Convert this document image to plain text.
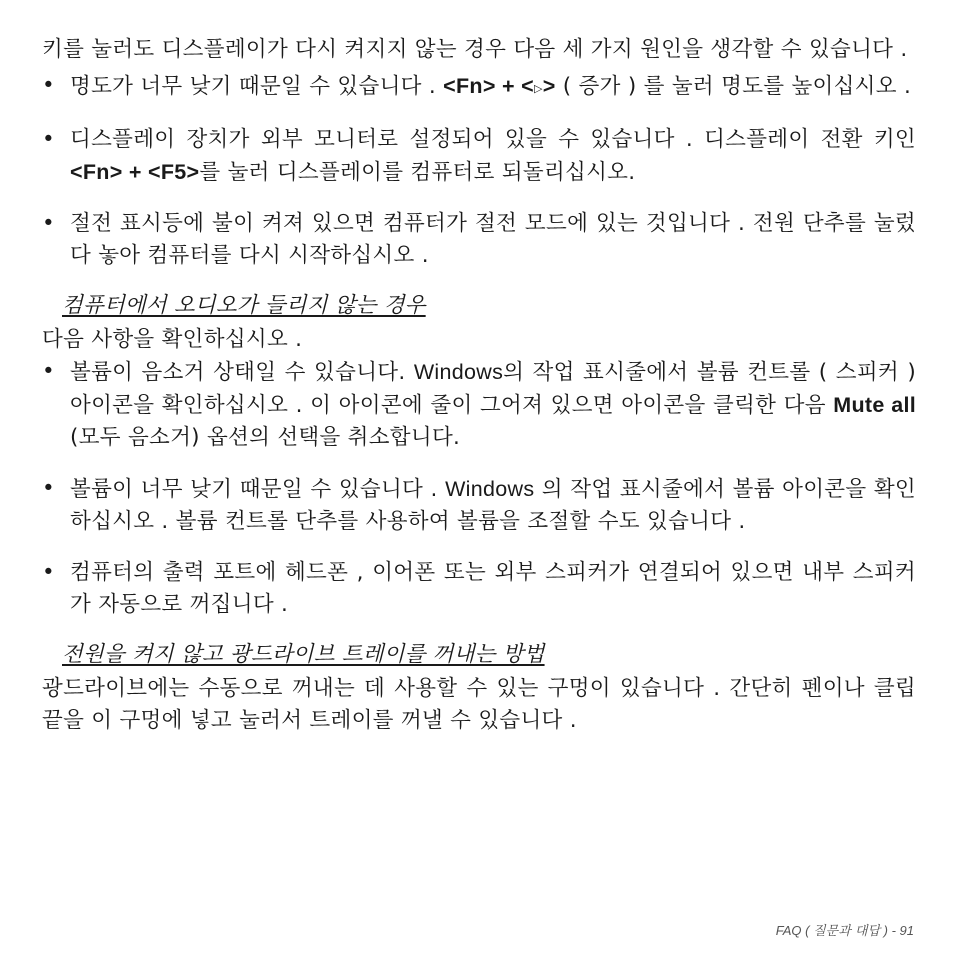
키를 눌러도 디스플레이가 다시 켜지지 않는 경우 다음 세 가지 원인을 생각할 수 있습니다 .

• 명도가 너무 낮기 때문일 수 있습니다 . <Fn> + <▷> ( 증가 ) 를 눌러 명도를 높이십시오 .
• 디스플레이 장치가 외부 모니터로 설정되어 있을 수 있습니다 . 디스플레이 전환 키인 <Fn> + <F5>를 눌러 디스플레이를 컴퓨터로 되돌리십시오.
• 절전 표시등에 불이 켜져 있으면 컴퓨터가 절전 모드에 있는 것입니다 . 전원 단추를 눌렀다 놓아 컴퓨터를 다시 시작하십시오 .
컴퓨터에서 오디오가 들리지 않는 경우

다음 사항을 확인하십시오 .

• 볼륨이 음소거 상태일 수 있습니다. Windows의 작업 표시줄에서 볼륨 컨트롤 ( 스피커 ) 아이콘을 확인하십시오 . 이 아이콘에 줄이 그어져 있으면 아이콘을 클릭한 다음 Mute all (모두 음소거) 옵션의 선택을 취소합니다.
• 볼륨이 너무 낮기 때문일 수 있습니다 . Windows 의 작업 표시줄에서 볼륨 아이콘을 확인하십시오 . 볼륨 컨트롤 단추를 사용하여 볼륨을 조절할 수도 있습니다 .
• 컴퓨터의 출력 포트에 헤드폰 , 이어폰 또는 외부 스피커가 연결되어 있으면 내부 스피커가 자동으로 꺼집니다 .
전원을 켜지 않고 광드라이브 트레이를 꺼내는 방법

광드라이브에는 수동으로 꺼내는 데 사용할 수 있는 구멍이 있습니다 . 간단히 펜이나 클립 끝을 이 구멍에 넣고 눌러서 트레이를 꺼낼 수 있습니다 .

FAQ ( 질문과 대답 ) - 91
